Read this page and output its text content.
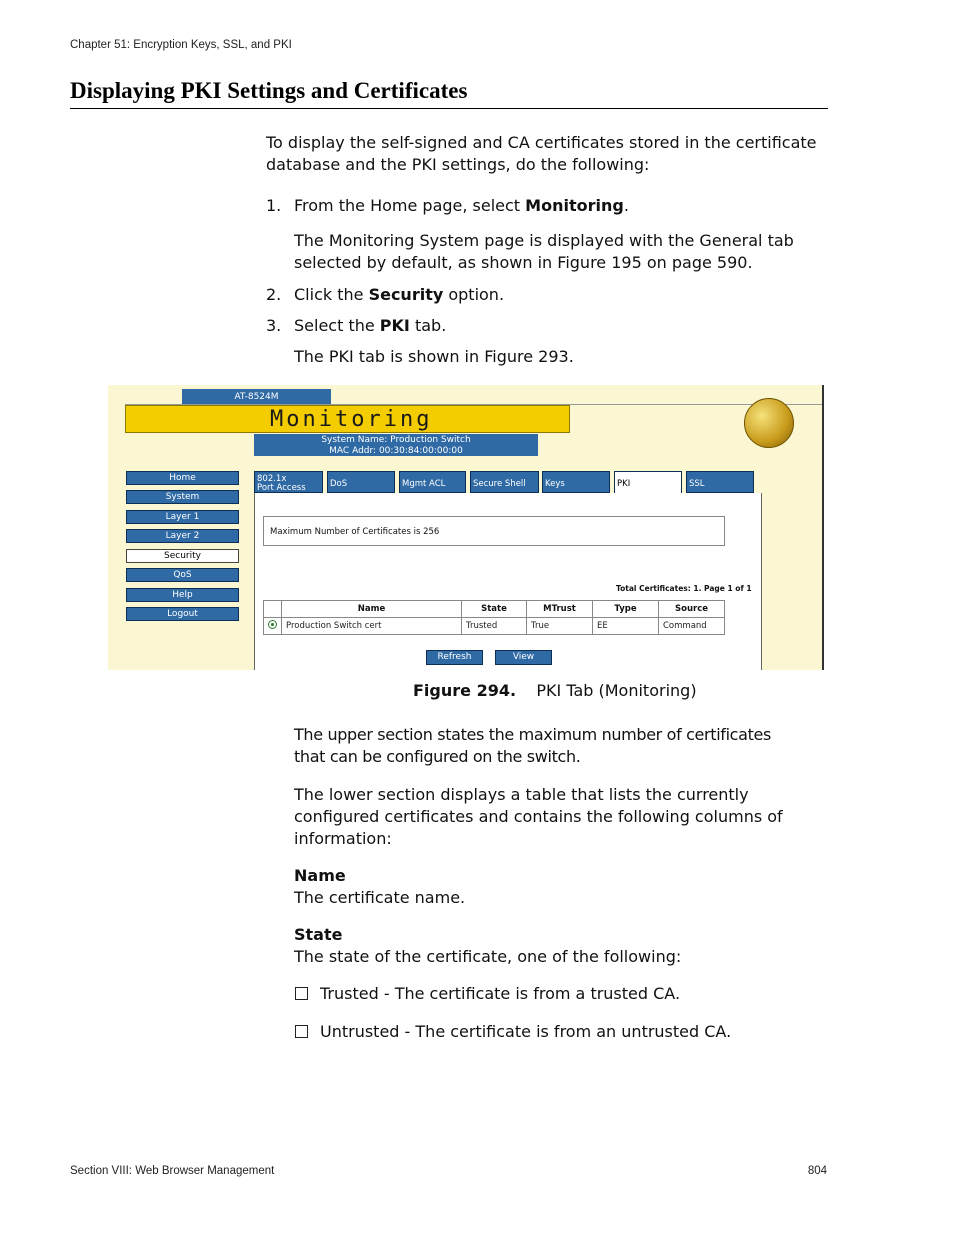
Chapter 51: Encryption Keys, SSL, and PKI
Displaying PKI Settings and Certificates
To display the self-signed and CA certificates stored in the certificate database and the PKI settings, do the following:
1. From the Home page, select Monitoring.
The Monitoring System page is displayed with the General tab selected by default, as shown in Figure 195 on page 590.
2. Click the Security option.
3. Select the PKI tab.
The PKI tab is shown in Figure 293.
AT-8524M
Monitoring
System Name: Production Switch
MAC Addr: 00:30:84:00:00:00
Home
System
Layer 1
Layer 2
Security
QoS
Help
Logout
802.1x
Port Access	DoS	Mgmt ACL	Secure Shell	Keys	PKI	SSL
Maximum Number of Certificates is 256
Total Certificates: 1. Page 1 of 1
	Name	State	MTrust	Type	Source
	Production Switch cert	Trusted	True	EE	Command
Refresh	View
Figure 294. PKI Tab (Monitoring)
The upper section states the maximum number of certificates that can be configured on the switch.
The lower section displays a table that lists the currently configured certificates and contains the following columns of information:
Name
The certificate name.
State
The state of the certificate, one of the following:
Trusted - The certificate is from a trusted CA.
Untrusted - The certificate is from an untrusted CA.
Section VIII: Web Browser Management	804
